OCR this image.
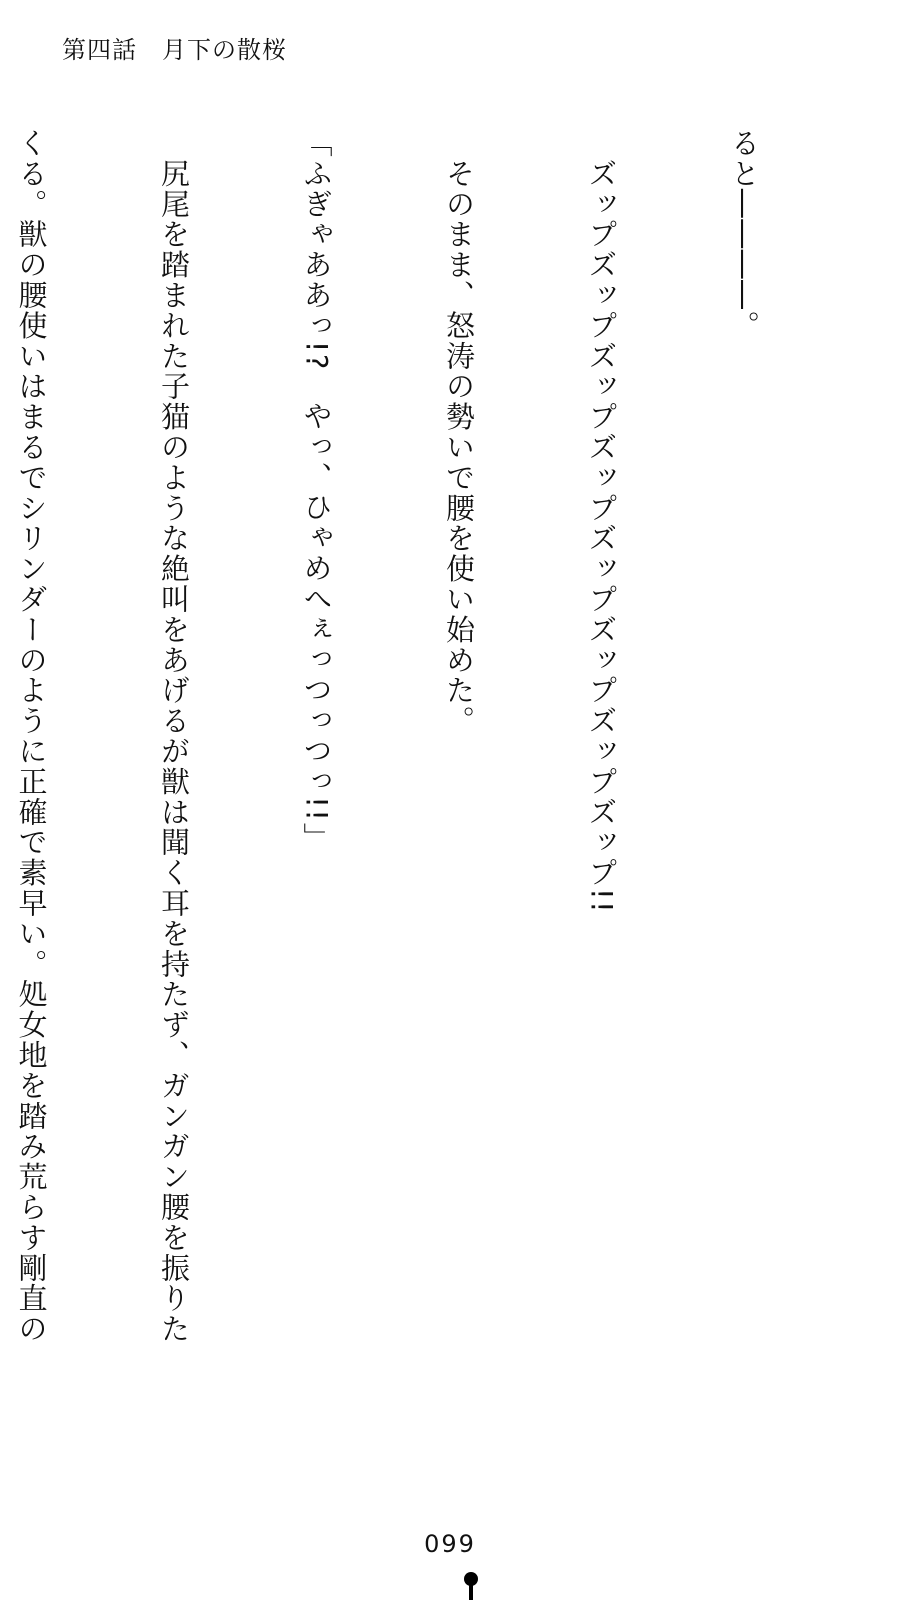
第四話　月下の散桜

ると――――。

　ズップズップズップズップズップズップズップズップ!!

　そのまま、怒涛の勢いで腰を使い始めた。

「ふぎゃああっ!?　やっ、ひゃめへぇっつっつっ!!」

　尻尾を踏まれた子猫のような絶叫をあげるが獣は聞く耳を持たず、ガンガン腰を振りた

くる。獣の腰使いはまるでシリンダーのように正確で素早い。処女地を踏み荒らす剛直の

099
